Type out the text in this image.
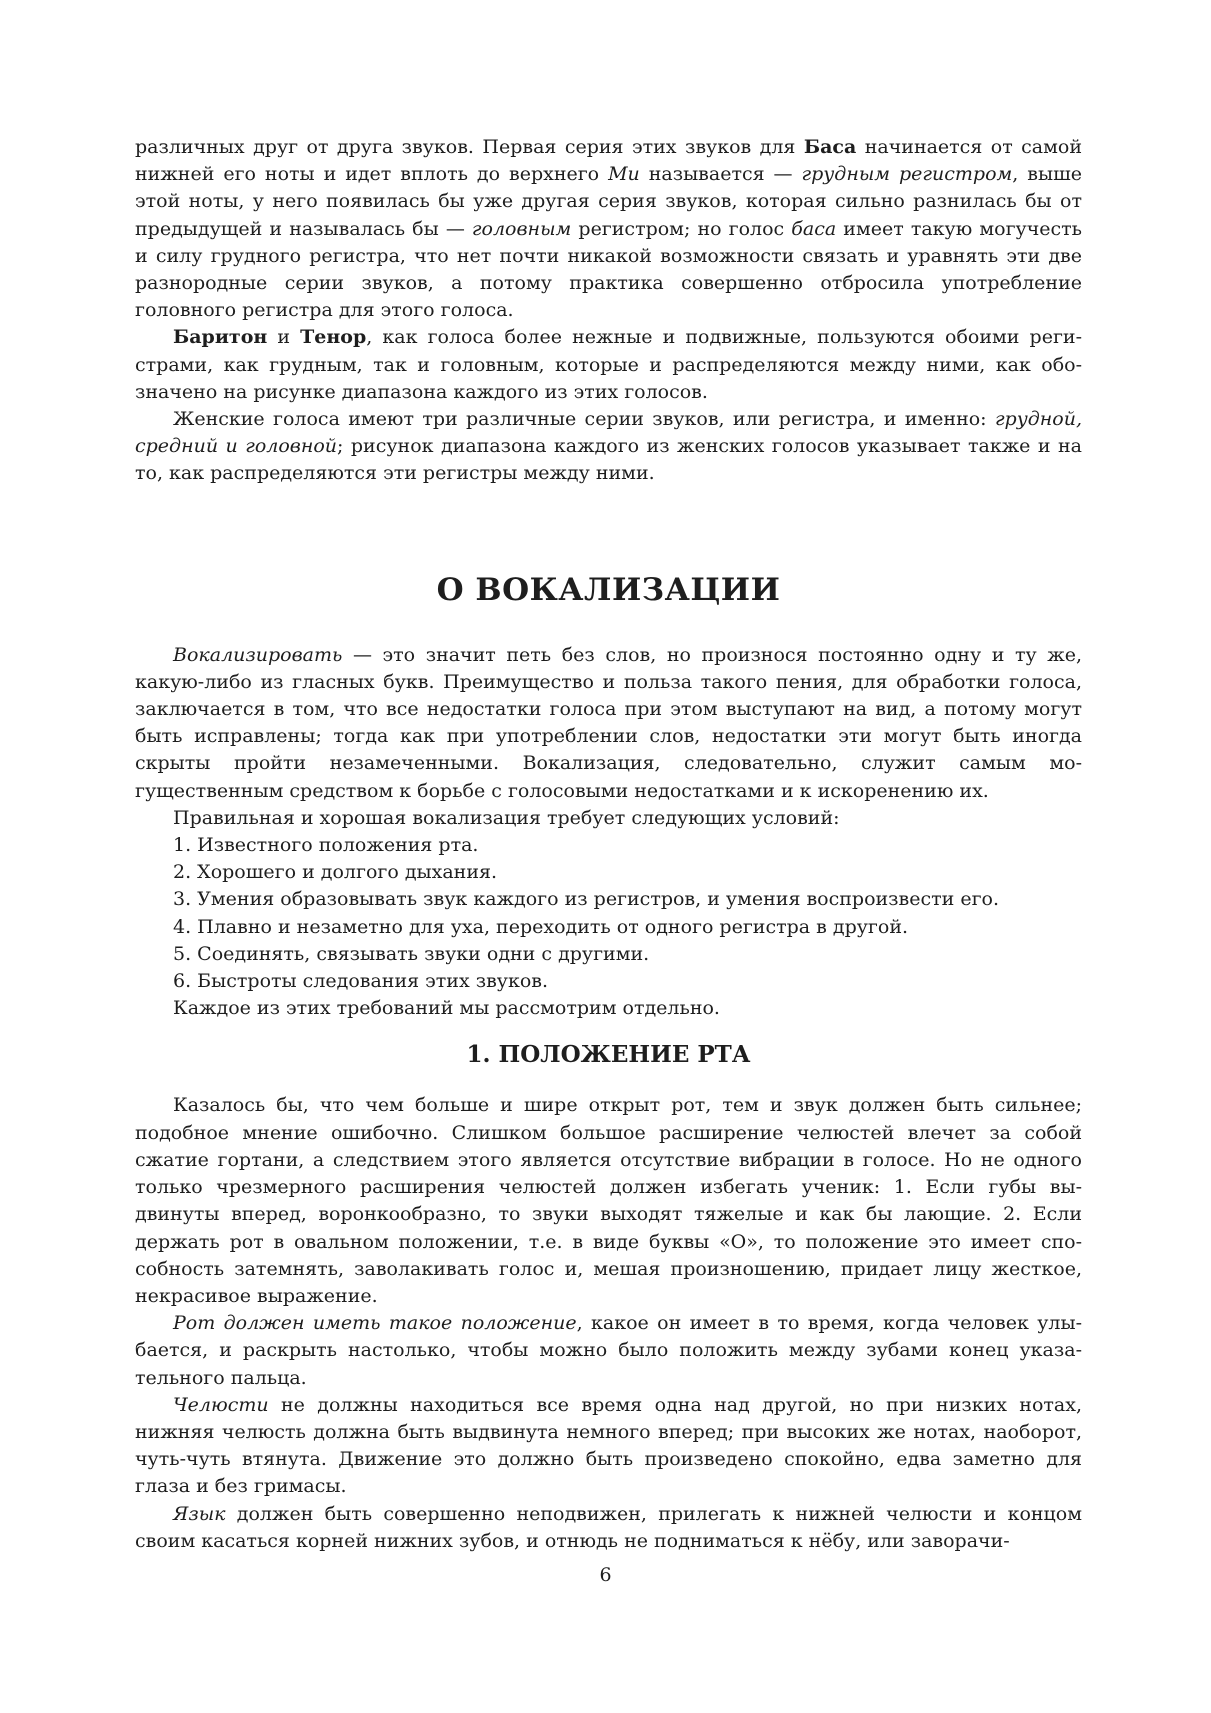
различных друг от друга звуков. Первая серия этих звуков для Баса начинается от самой нижней его ноты и идет вплоть до верхнего Ми называется — грудным регистром, выше этой ноты, у него появилась бы уже другая серия звуков, которая сильно разнилась бы от предыдущей и называлась бы — головным регистром; но голос баса имеет такую могучесть и силу грудного регистра, что нет почти никакой возможности связать и уравнять эти две разнородные серии звуков, а потому практика совершенно отбросила употребление головного регистра для этого голоса.

Баритон и Тенор, как голоса более нежные и подвижные, пользуются обоими регистрами, как грудным, так и головным, которые и распределяются между ними, как обозначено на рисунке диапазона каждого из этих голосов.

Женские голоса имеют три различные серии звуков, или регистра, и именно: грудной, средний и головной; рисунок диапазона каждого из женских голосов указывает также и на то, как распределяются эти регистры между ними.

О ВОКАЛИЗАЦИИ

Вокализировать — это значит петь без слов, но произнося постоянно одну и ту же, какую-либо из гласных букв. Преимущество и польза такого пения, для обработки голоса, заключается в том, что все недостатки голоса при этом выступают на вид, а потому могут быть исправлены; тогда как при употреблении слов, недостатки эти могут быть иногда скрыты пройти незамеченными. Вокализация, следовательно, служит самым могущественным средством к борьбе с голосовыми недостатками и к искоренению их.

Правильная и хорошая вокализация требует следующих условий:

1. Известного положения рта.

2. Хорошего и долгого дыхания.

3. Умения образовывать звук каждого из регистров, и умения воспроизвести его.

4. Плавно и незаметно для уха, переходить от одного регистра в другой.

5. Соединять, связывать звуки одни с другими.

6. Быстроты следования этих звуков.

Каждое из этих требований мы рассмотрим отдельно.

1. ПОЛОЖЕНИЕ РТА

Казалось бы, что чем больше и шире открыт рот, тем и звук должен быть сильнее; подобное мнение ошибочно. Слишком большое расширение челюстей влечет за собой сжатие гортани, а следствием этого является отсутствие вибрации в голосе. Но не одного только чрезмерного расширения челюстей должен избегать ученик: 1. Если губы выдвинуты вперед, воронкообразно, то звуки выходят тяжелые и как бы лающие. 2. Если держать рот в овальном положении, т.е. в виде буквы «О», то положение это имеет способность затемнять, заволакивать голос и, мешая произношению, придает лицу жесткое, некрасивое выражение.

Рот должен иметь такое положение, какое он имеет в то время, когда человек улыбается, и раскрыть настолько, чтобы можно было положить между зубами конец указательного пальца.

Челюсти не должны находиться все время одна над другой, но при низких нотах, нижняя челюсть должна быть выдвинута немного вперед; при высоких же нотах, наоборот, чуть-чуть втянута. Движение это должно быть произведено спокойно, едва заметно для глаза и без гримасы.

Язык должен быть совершенно неподвижен, прилегать к нижней челюсти и концом своим касаться корней нижних зубов, и отнюдь не подниматься к нёбу, или заворачи-

6
